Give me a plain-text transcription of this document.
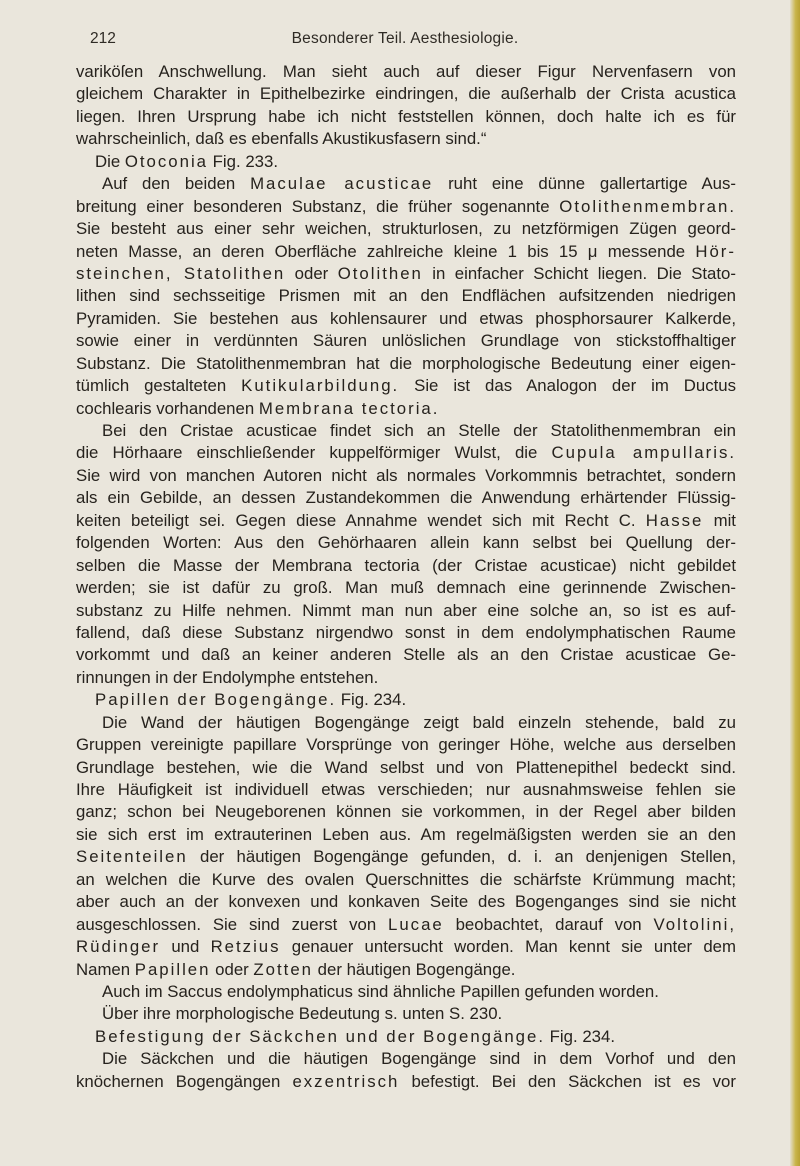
212	Besonderer Teil. Aesthesiologie.
variköſen Anschwellung. Man sieht auch auf dieser Figur Nervenfasern von
gleichem Charakter in Epithelbezirke eindringen, die außerhalb der Crista acustica
liegen. Ihren Ursprung habe ich nicht feststellen können, doch halte ich es für
wahrscheinlich, daß es ebenfalls Akustikusfasern sind.“
Die Otoconia Fig. 233.
Auf den beiden Maculae acusticae ruht eine dünne gallertartige Aus-
breitung einer besonderen Substanz, die früher sogenannte Otolithenmembran.
Sie besteht aus einer sehr weichen, strukturlosen, zu netzförmigen Zügen geord-
neten Masse, an deren Oberfläche zahlreiche kleine 1 bis 15 μ messende Hör-
steinchen, Statolithen oder Otolithen in einfacher Schicht liegen. Die Stato-
lithen sind sechsseitige Prismen mit an den Endflächen aufsitzenden niedrigen
Pyramiden. Sie bestehen aus kohlensaurer und etwas phosphorsaurer Kalkerde,
sowie einer in verdünnten Säuren unlöslichen Grundlage von stickstoffhaltiger
Substanz. Die Statolithenmembran hat die morphologische Bedeutung einer eigen-
tümlich gestalteten Kutikularbildung. Sie ist das Analogon der im Ductus
cochlearis vorhandenen Membrana tectoria.
Bei den Cristae acusticae findet sich an Stelle der Statolithenmembran ein
die Hörhaare einschließender kuppelförmiger Wulst, die Cupula ampullaris.
Sie wird von manchen Autoren nicht als normales Vorkommnis betrachtet, sondern
als ein Gebilde, an dessen Zustandekommen die Anwendung erhärtender Flüssig-
keiten beteiligt sei. Gegen diese Annahme wendet sich mit Recht C. Hasse mit
folgenden Worten: Aus den Gehörhaaren allein kann selbst bei Quellung der-
selben die Masse der Membrana tectoria (der Cristae acusticae) nicht gebildet
werden; sie ist dafür zu groß. Man muß demnach eine gerinnende Zwischen-
substanz zu Hilfe nehmen. Nimmt man nun aber eine solche an, so ist es auf-
fallend, daß diese Substanz nirgendwo sonst in dem endolymphatischen Raume
vorkommt und daß an keiner anderen Stelle als an den Cristae acusticae Ge-
rinnungen in der Endolymphe entstehen.
Papillen der Bogengänge. Fig. 234.
Die Wand der häutigen Bogengänge zeigt bald einzeln stehende, bald zu
Gruppen vereinigte papillare Vorsprünge von geringer Höhe, welche aus derselben
Grundlage bestehen, wie die Wand selbst und von Plattenepithel bedeckt sind.
Ihre Häufigkeit ist individuell etwas verschieden; nur ausnahmsweise fehlen sie
ganz; schon bei Neugeborenen können sie vorkommen, in der Regel aber bilden
sie sich erst im extrauterinen Leben aus. Am regelmäßigsten werden sie an den
Seitenteilen der häutigen Bogengänge gefunden, d. i. an denjenigen Stellen,
an welchen die Kurve des ovalen Querschnittes die schärfste Krümmung macht;
aber auch an der konvexen und konkaven Seite des Bogenganges sind sie nicht
ausgeschlossen. Sie sind zuerst von Lucae beobachtet, darauf von Voltolini,
Rüdinger und Retzius genauer untersucht worden. Man kennt sie unter dem
Namen Papillen oder Zotten der häutigen Bogengänge.
Auch im Saccus endolymphaticus sind ähnliche Papillen gefunden worden.
Über ihre morphologische Bedeutung s. unten S. 230.
Befestigung der Säckchen und der Bogengänge. Fig. 234.
Die Säckchen und die häutigen Bogengänge sind in dem Vorhof und den
knöchernen Bogengängen exzentrisch befestigt. Bei den Säckchen ist es vor
